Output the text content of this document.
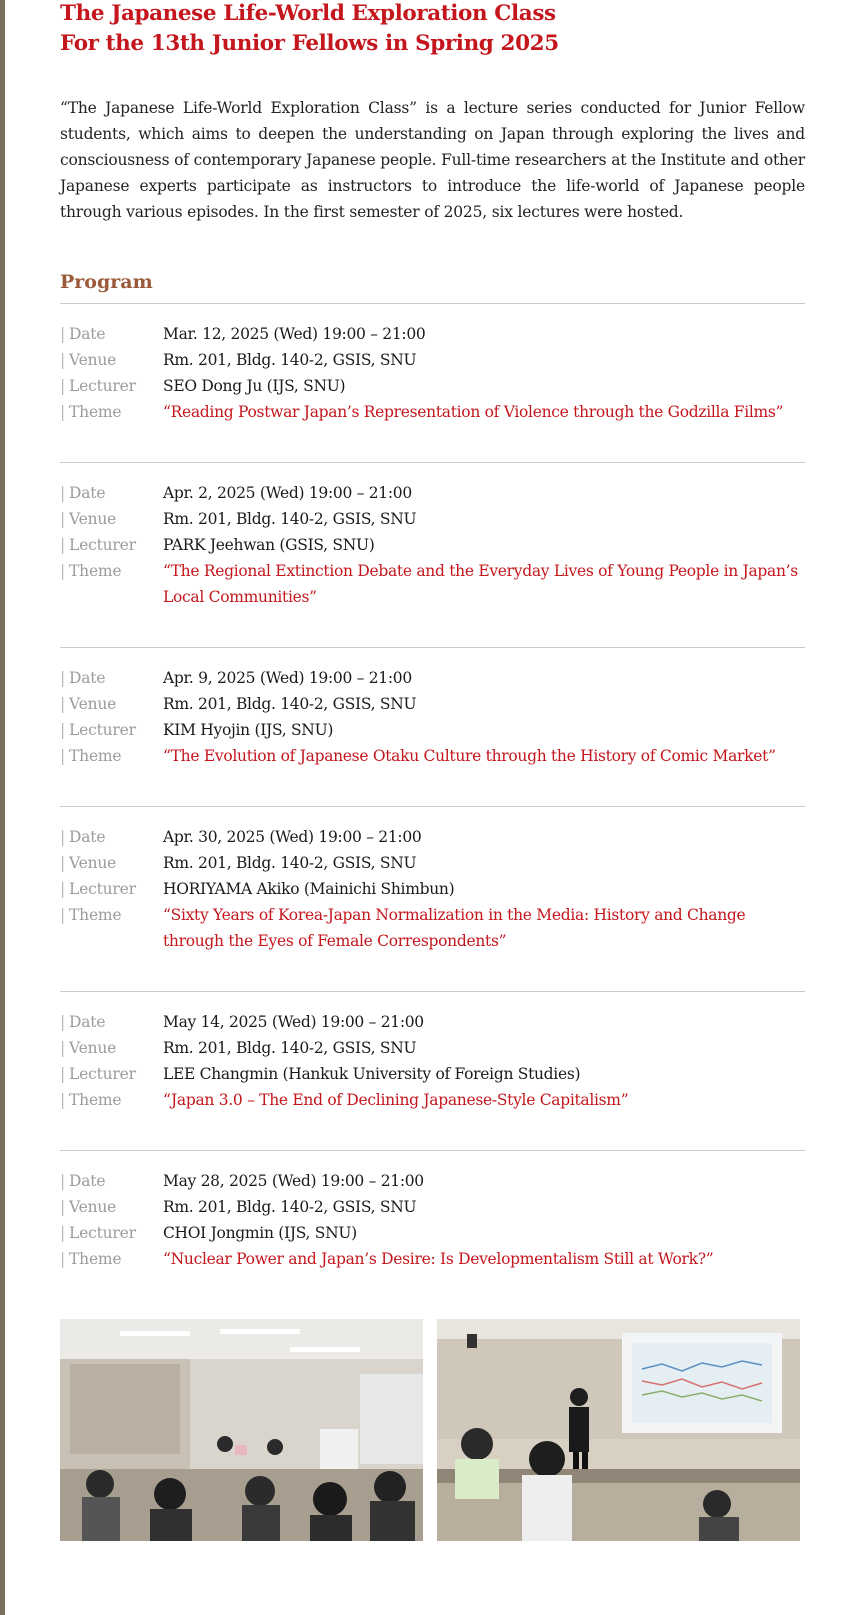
The Japanese Life-World Exploration Class
For the 13th Junior Fellows in Spring 2025

“The Japanese Life-World Exploration Class” is a lecture series conducted for Junior Fellow students, which aims to deepen the understanding on Japan through exploring the lives and consciousness of contemporary Japanese people. Full-time researchers at the Institute and other Japanese experts participate as instructors to introduce the life-world of Japanese people through various episodes. In the first semester of 2025, six lectures were hosted.

Program
| Date	Mar. 12, 2025 (Wed) 19:00 – 21:00
| Venue	Rm. 201, Bldg. 140-2, GSIS, SNU
| Lecturer	SEO Dong Ju (IJS, SNU)
| Theme	“Reading Postwar Japan’s Representation of Violence through the Godzilla Films”
| Date	Apr. 2, 2025 (Wed) 19:00 – 21:00
| Venue	Rm. 201, Bldg. 140-2, GSIS, SNU
| Lecturer	PARK Jeehwan (GSIS, SNU)
| Theme	“The Regional Extinction Debate and the Everyday Lives of Young People in Japan’s Local Communities”
| Date	Apr. 9, 2025 (Wed) 19:00 – 21:00
| Venue	Rm. 201, Bldg. 140-2, GSIS, SNU
| Lecturer	KIM Hyojin (IJS, SNU)
| Theme	“The Evolution of Japanese Otaku Culture through the History of Comic Market”
| Date	Apr. 30, 2025 (Wed) 19:00 – 21:00
| Venue	Rm. 201, Bldg. 140-2, GSIS, SNU
| Lecturer	HORIYAMA Akiko (Mainichi Shimbun)
| Theme	“Sixty Years of Korea-Japan Normalization in the Media: History and Change through the Eyes of Female Correspondents”
| Date	May 14, 2025 (Wed) 19:00 – 21:00
| Venue	Rm. 201, Bldg. 140-2, GSIS, SNU
| Lecturer	LEE Changmin (Hankuk University of Foreign Studies)
| Theme	“Japan 3.0 – The End of Declining Japanese-Style Capitalism”
| Date	May 28, 2025 (Wed) 19:00 – 21:00
| Venue	Rm. 201, Bldg. 140-2, GSIS, SNU
| Lecturer	CHOI Jongmin (IJS, SNU)
| Theme	“Nuclear Power and Japan’s Desire: Is Developmentalism Still at Work?”
